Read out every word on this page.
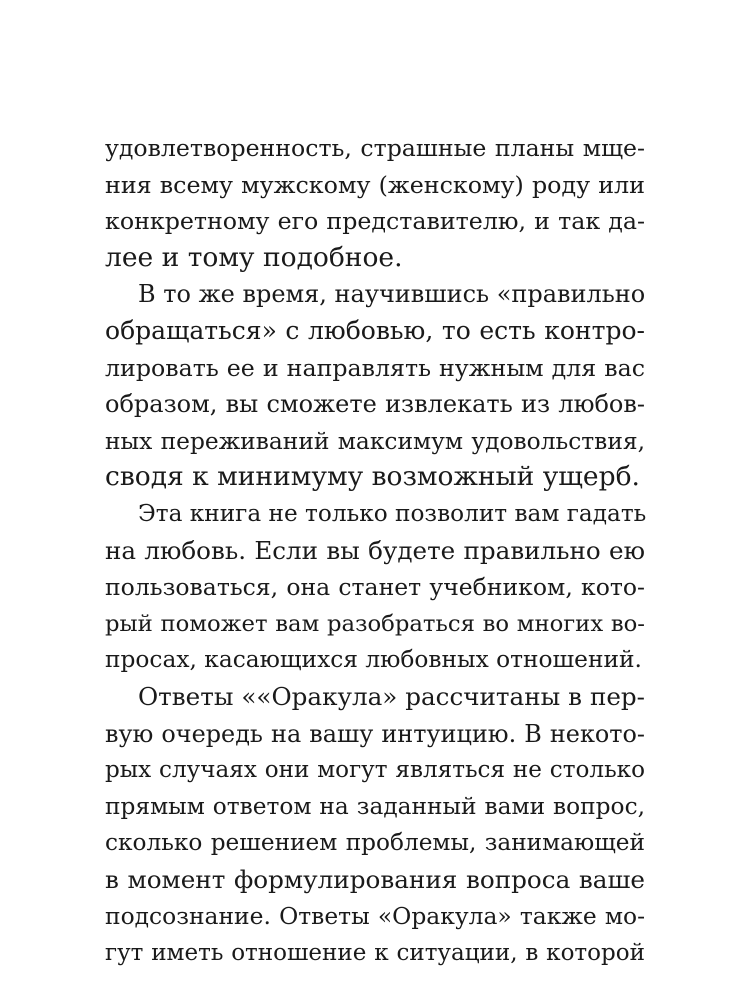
удовлетворенность, страшные планы мще-
ния всему мужскому (женскому) роду или
конкретному его представителю, и так да-
лее и тому подобное.
В то же время, научившись «правильно
обращаться» с любовью, то есть контро-
лировать ее и направлять нужным для вас
образом, вы сможете извлекать из любов-
ных переживаний максимум удовольствия,
сводя к минимуму возможный ущерб.
Эта книга не только позволит вам гадать
на любовь. Если вы будете правильно ею
пользоваться, она станет учебником, кото-
рый поможет вам разобраться во многих во-
просах, касающихся любовных отношений.
Ответы ««Оракула» рассчитаны в пер-
вую очередь на вашу интуицию. В некото-
рых случаях они могут являться не столько
прямым ответом на заданный вами вопрос,
сколько решением проблемы, занимающей
в момент формулирования вопроса ваше
подсознание. Ответы «Оракула» также мо-
гут иметь отношение к ситуации, в которой
